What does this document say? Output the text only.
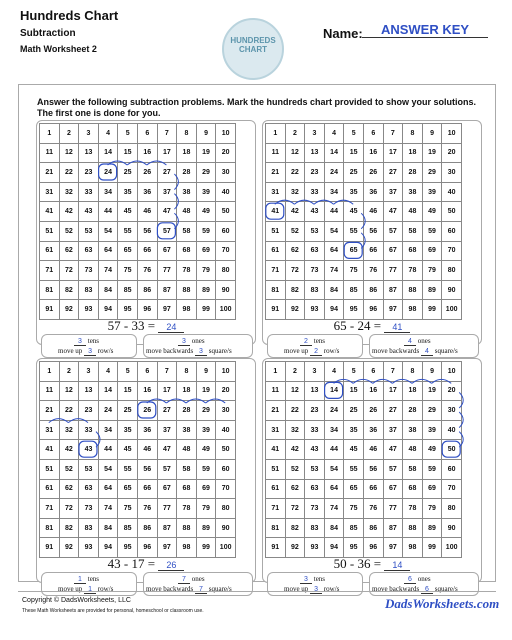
Hundreds Chart
Subtraction
Math Worksheet 2
HUNDREDS
CHART
Name:	ANSWER KEY
Answer the following subtraction problems. Mark the hundreds chart provided to show your solutions.
The first one is done for you.
1	2	3	4	5	6	7	8	9	10
11	12	13	14	15	16	17	18	19	20
21	22	23	24	25	26	27	28	29	30
31	32	33	34	35	36	37	38	39	40
41	42	43	44	45	46	47	48	49	50
51	52	53	54	55	56	57	58	59	60
61	62	63	64	65	66	67	68	69	70
71	72	73	74	75	76	77	78	79	80
81	82	83	84	85	86	87	88	89	90
91	92	93	94	95	96	97	98	99	100
57 - 33 = 24
3 tens
move up 3 row/s
3 ones
move backwards 3 square/s
1	2	3	4	5	6	7	8	9	10
11	12	13	14	15	16	17	18	19	20
21	22	23	24	25	26	27	28	29	30
31	32	33	34	35	36	37	38	39	40
41	42	43	44	45	46	47	48	49	50
51	52	53	54	55	56	57	58	59	60
61	62	63	64	65	66	67	68	69	70
71	72	73	74	75	76	77	78	79	80
81	82	83	84	85	86	87	88	89	90
91	92	93	94	95	96	97	98	99	100
65 - 24 = 41
2 tens
move up 2 row/s
4 ones
move backwards 4 square/s
1	2	3	4	5	6	7	8	9	10
11	12	13	14	15	16	17	18	19	20
21	22	23	24	25	26	27	28	29	30
31	32	33	34	35	36	37	38	39	40
41	42	43	44	45	46	47	48	49	50
51	52	53	54	55	56	57	58	59	60
61	62	63	64	65	66	67	68	69	70
71	72	73	74	75	76	77	78	79	80
81	82	83	84	85	86	87	88	89	90
91	92	93	94	95	96	97	98	99	100
43 - 17 = 26
1 tens
move up 1 row/s
7 ones
move backwards 7 square/s
1	2	3	4	5	6	7	8	9	10
11	12	13	14	15	16	17	18	19	20
21	22	23	24	25	26	27	28	29	30
31	32	33	34	35	36	37	38	39	40
41	42	43	44	45	46	47	48	49	50
51	52	53	54	55	56	57	58	59	60
61	62	63	64	65	66	67	68	69	70
71	72	73	74	75	76	77	78	79	80
81	82	83	84	85	86	87	88	89	90
91	92	93	94	95	96	97	98	99	100
50 - 36 = 14
3 tens
move up 3 row/s
6 ones
move backwards 6 square/s
Copyright © DadsWorksheets, LLC
These Math Worksheets are provided for personal, homeschool or classroom use.	DadsWorksheets.com
